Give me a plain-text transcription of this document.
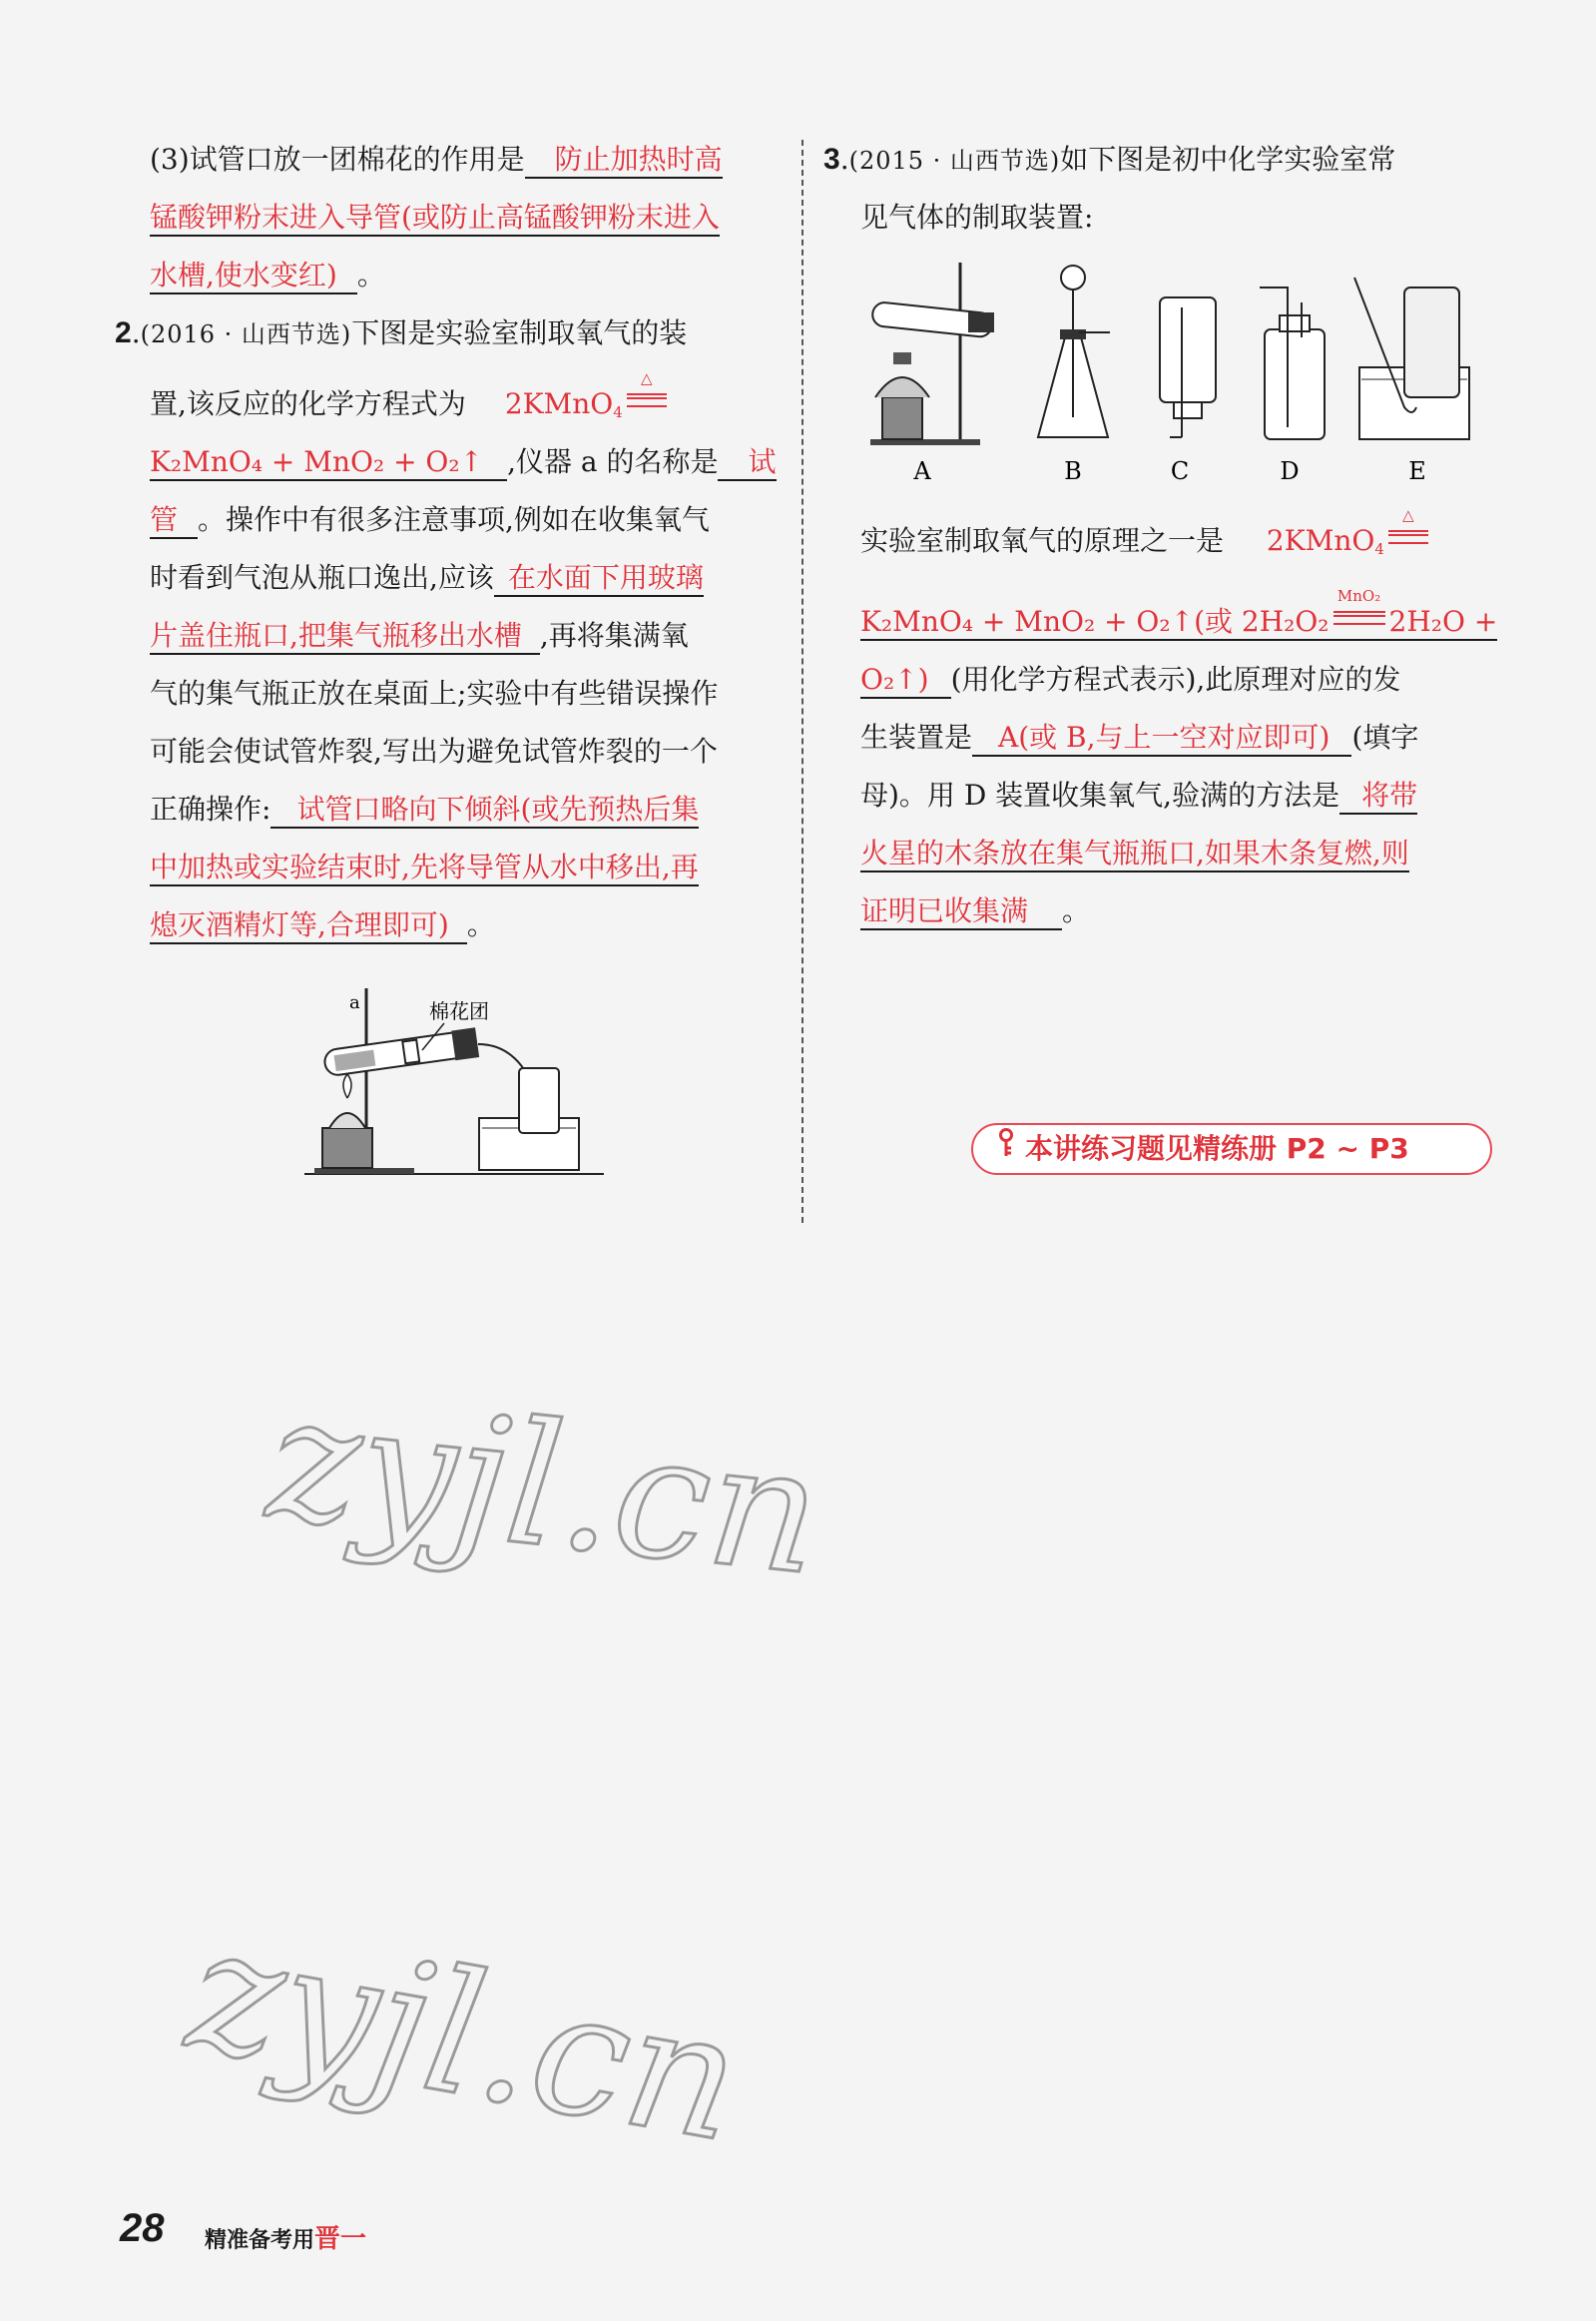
(3)试管口放一团棉花的作用是 防止加热时高
锰酸钾粉末进入导管(或防止高锰酸钾粉末进入
水槽,使水变红) 。
2.(2016 · 山西节选)下图是实验室制取氧气的装
置,该反应的化学方程式为 2KMnO$_4$
△
K₂MnO₄ + MnO₂ + O₂↑ ,仪器 a 的名称是 试
管 。操作中有很多注意事项,例如在收集氧气
时看到气泡从瓶口逸出,应该 在水面下用玻璃
片盖住瓶口,把集气瓶移出水槽 ,再将集满氧
气的集气瓶正放在桌面上;实验中有些错误操作
可能会使试管炸裂,写出为避免试管炸裂的一个
正确操作: 试管口略向下倾斜(或先预热后集
中加热或实验结束时,先将导管从水中移出,再
熄灭酒精灯等,合理即可) 。
a	棉花团
3.(2015 · 山西节选)如下图是初中化学实验室常
见气体的制取装置:
A	B	C	D	E
实验室制取氧气的原理之一是 2KMnO$_4$
△
K₂MnO₄ + MnO₂ + O₂↑(或 2H₂O₂
MnO₂
2H₂O +
O₂↑) (用化学方程式表示),此原理对应的发
生装置是 A(或 B,与上一空对应即可) (填字
母)。用 D 装置收集氧气,验满的方法是 将带
火星的木条放在集气瓶瓶口,如果木条复燃,则
证明已收集满 。
本讲练习题见精练册 P2 ~ P3
zyjl.cn
zyjl.cn
28 精准备考用晋一
